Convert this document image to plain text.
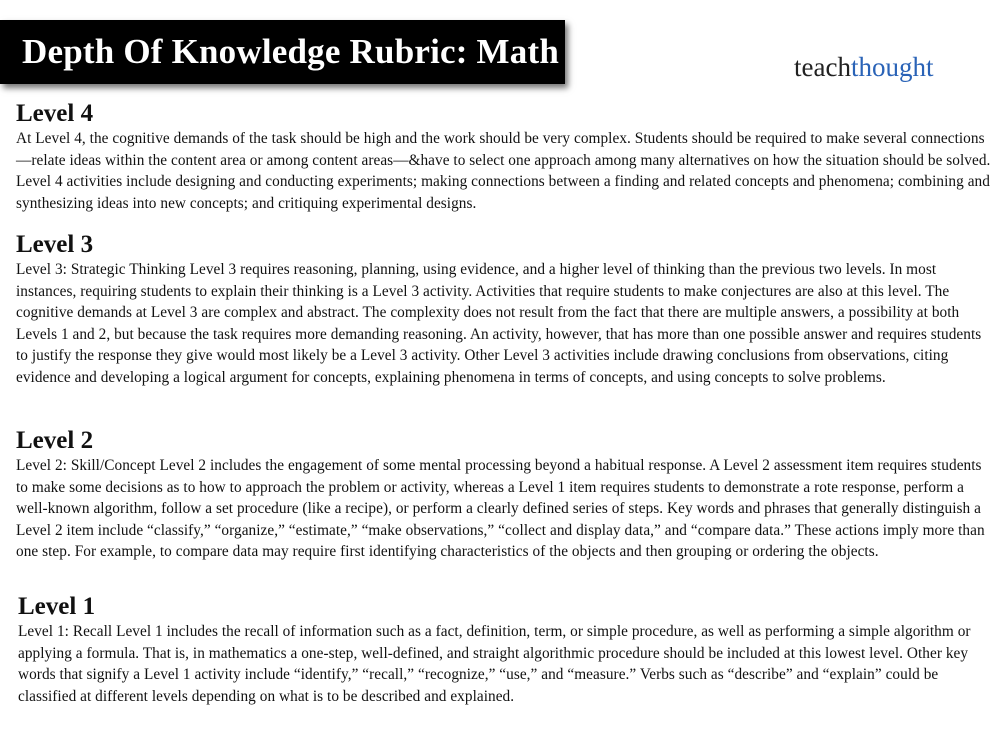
Depth Of Knowledge Rubric: Math	teachthought
Level 4

At Level 4, the cognitive demands of the task should be high and the work should be very complex. Students should be required to make several connections—relate ideas within the content area or among content areas—&have to select one approach among many alternatives on how the situation should be solved. Level 4 activities include designing and conducting experiments; making connections between a finding and related concepts and phenomena; combining and synthesizing ideas into new concepts; and critiquing experimental designs.

Level 3

Level 3: Strategic Thinking Level 3 requires reasoning, planning, using evidence, and a higher level of thinking than the previous two levels. In most instances, requiring students to explain their thinking is a Level 3 activity. Activities that require students to make conjectures are also at this level. The cognitive demands at Level 3 are complex and abstract. The complexity does not result from the fact that there are multiple answers, a possibility at both Levels 1 and 2, but because the task requires more demanding reasoning. An activity, however, that has more than one possible answer and requires students to justify the response they give would most likely be a Level 3 activity. Other Level 3 activities include drawing conclusions from observations, citing evidence and developing a logical argument for concepts, explaining phenomena in terms of concepts, and using concepts to solve problems.

Level 2

Level 2: Skill/Concept Level 2 includes the engagement of some mental processing beyond a habitual response. A Level 2 assessment item requires students to make some decisions as to how to approach the problem or activity, whereas a Level 1 item requires students to demonstrate a rote response, perform a well-known algorithm, follow a set procedure (like a recipe), or perform a clearly defined series of steps. Key words and phrases that generally distinguish a Level 2 item include “classify,” “organize,” “estimate,” “make observations,” “collect and display data,” and “compare data.” These actions imply more than one step. For example, to compare data may require first identifying characteristics of the objects and then grouping or ordering the objects.

Level 1

Level 1: Recall Level 1 includes the recall of information such as a fact, definition, term, or simple procedure, as well as performing a simple algorithm or applying a formula. That is, in mathematics a one-step, well-defined, and straight algorithmic procedure should be included at this lowest level. Other key words that signify a Level 1 activity include “identify,” “recall,” “recognize,” “use,” and “measure.” Verbs such as “describe” and “explain” could be classified at different levels depending on what is to be described and explained.
